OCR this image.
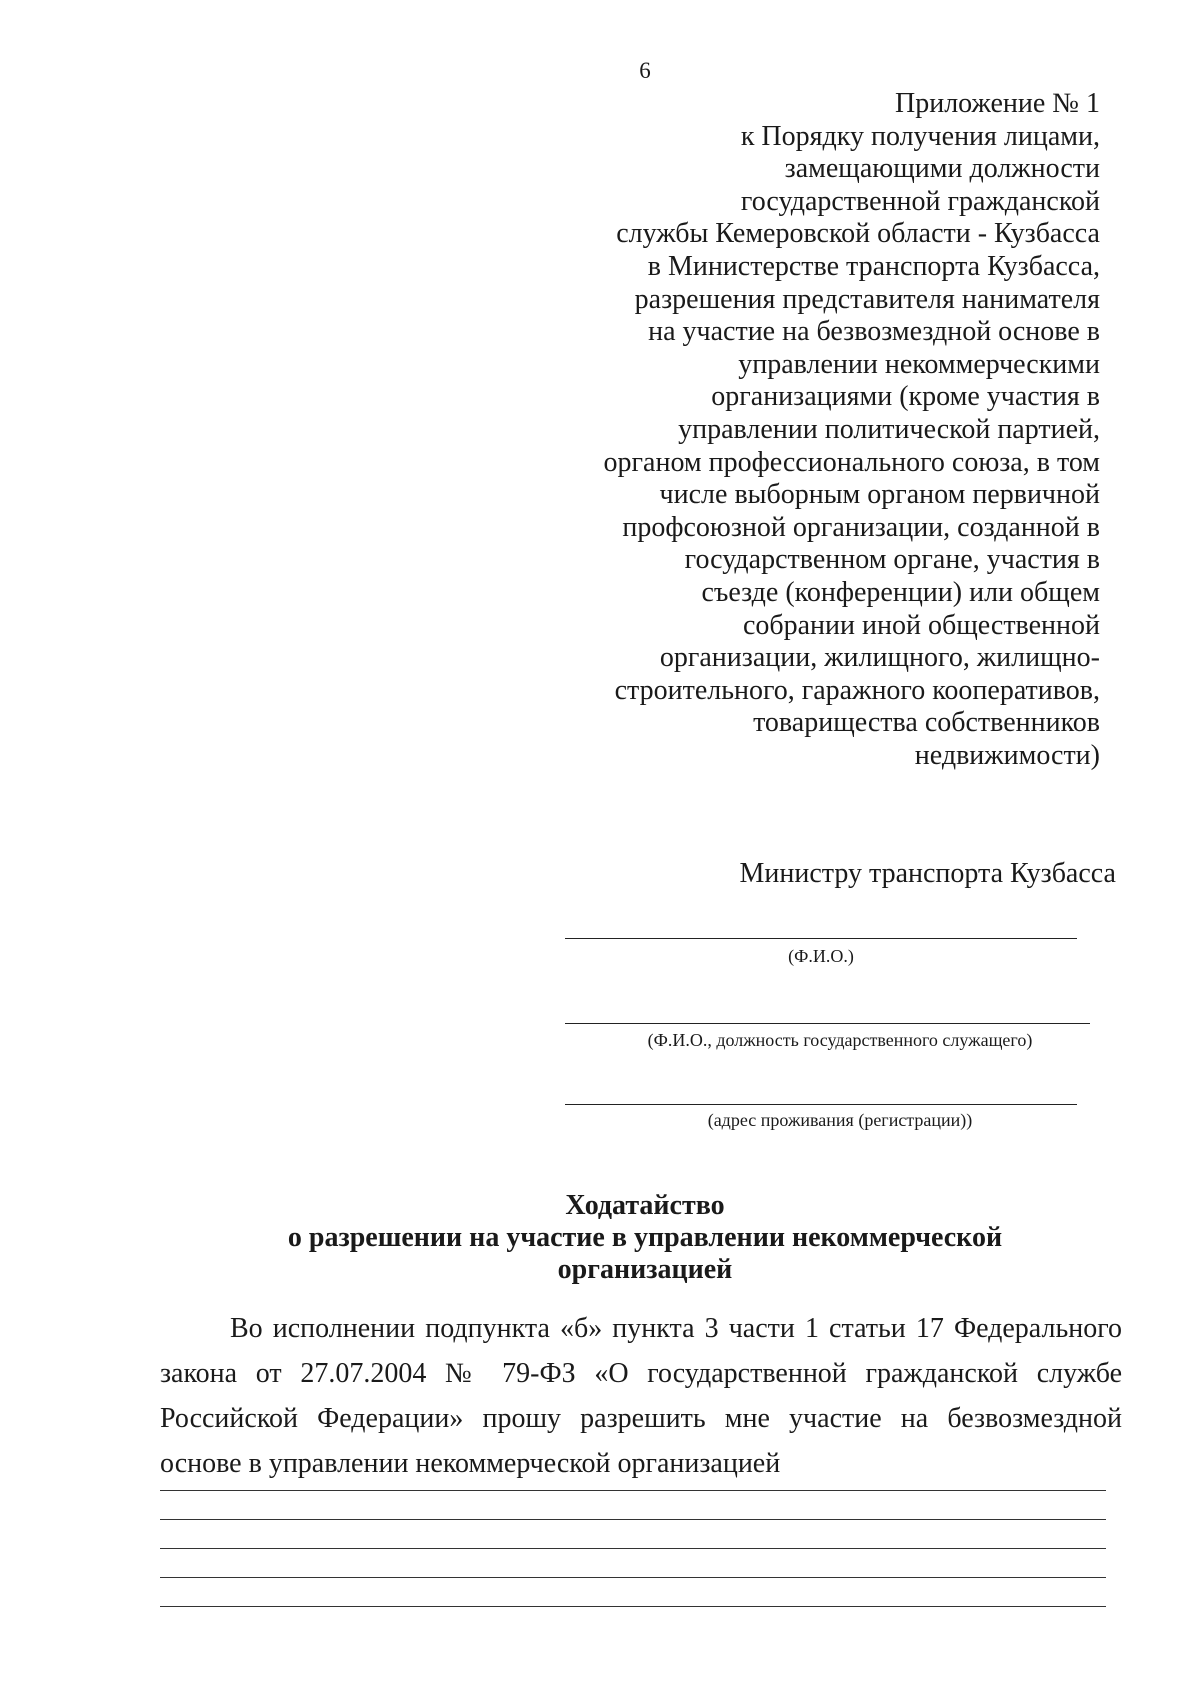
6
Приложение № 1
к Порядку получения лицами,
замещающими должности
государственной гражданской
службы Кемеровской области - Кузбасса
в Министерстве транспорта Кузбасса,
разрешения представителя нанимателя
на участие на безвозмездной основе в
управлении некоммерческими
организациями (кроме участия в
управлении политической партией,
органом профессионального союза, в том
числе выборным органом первичной
профсоюзной организации, созданной в
государственном органе, участия в
съезде (конференции) или общем
собрании иной общественной
организации, жилищного, жилищно-
строительного, гаражного кооперативов,
товарищества собственников
недвижимости)
Министру транспорта Кузбасса
(Ф.И.О.)
(Ф.И.О., должность государственного служащего)
(адрес проживания (регистрации))
Ходатайство
о разрешении на участие в управлении некоммерческой
организацией
Во исполнении подпункта «б» пункта 3 части 1 статьи 17 Федерального закона от 27.07.2004 № 79-ФЗ «О государственной гражданской службе Российской Федерации» прошу разрешить мне участие на безвозмездной основе в управлении некоммерческой организацией
